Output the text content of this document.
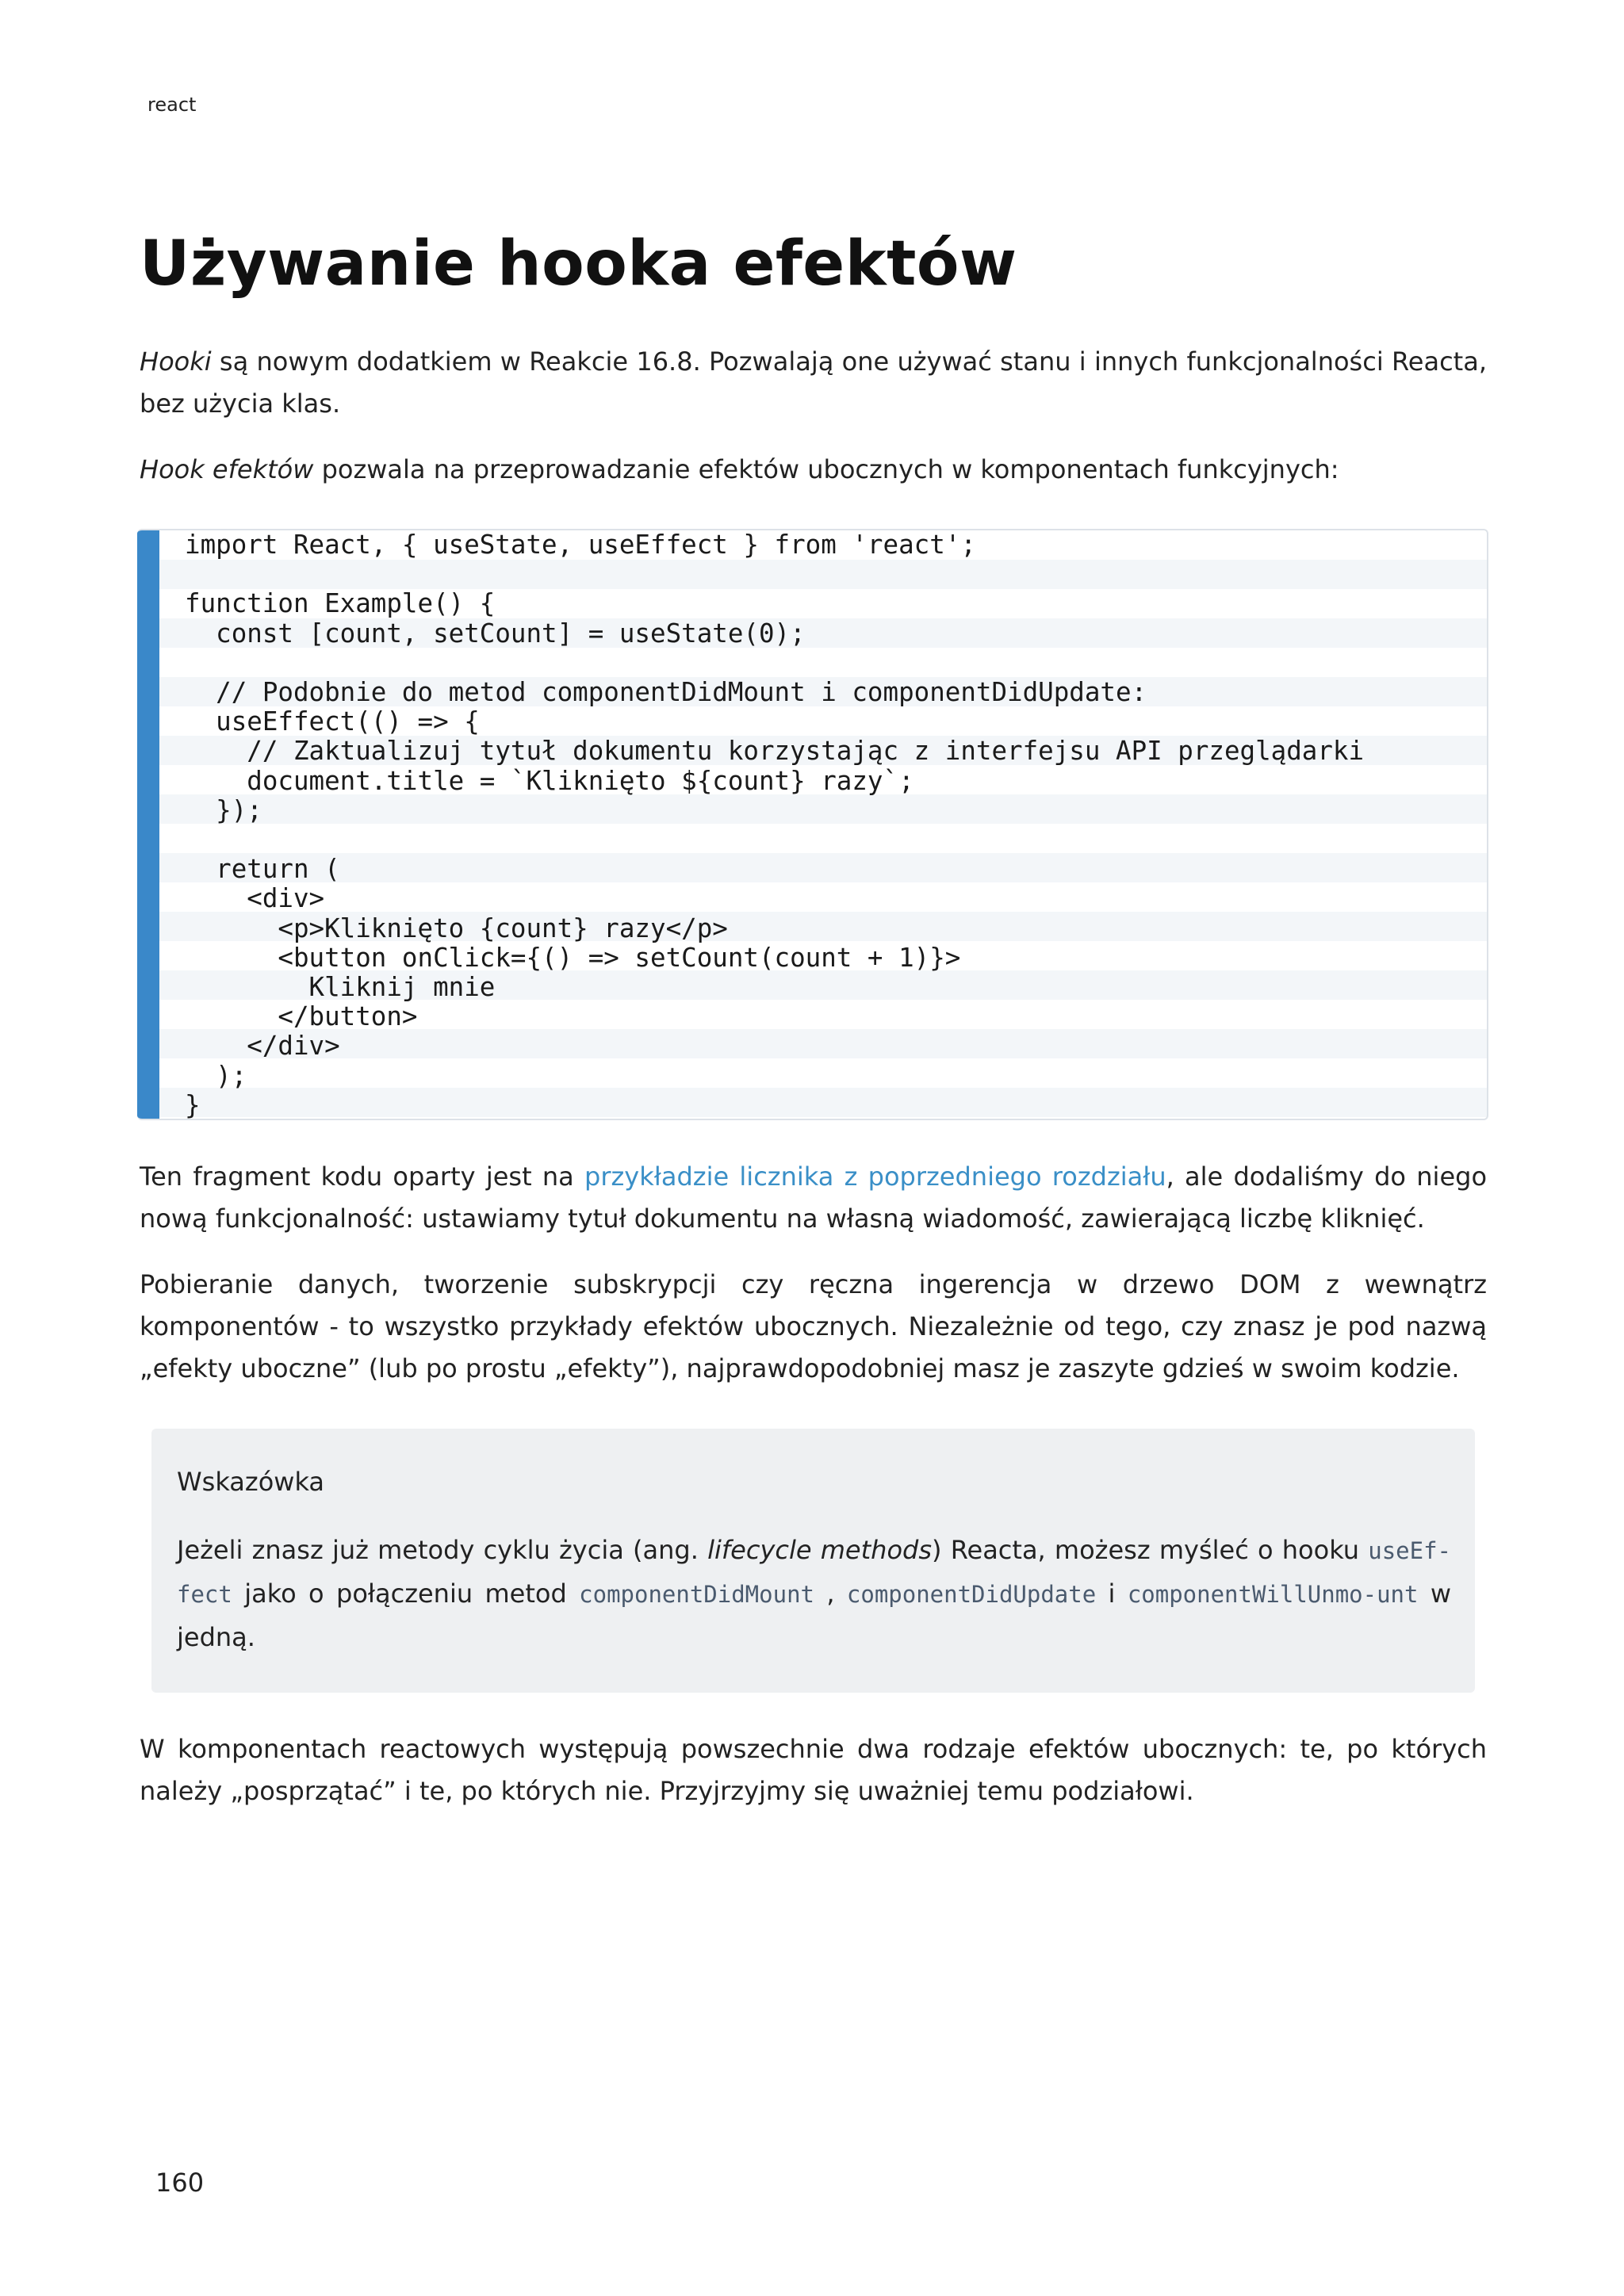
react
Używanie hooka efektów

Hooki są nowym dodatkiem w Reakcie 16.8. Pozwalają one używać stanu i innych funkcjonalności Reacta, bez użycia klas.

Hook efektów pozwala na przeprowadzanie efektów ubocznych w komponentach funkcyjnych:

import React, { useState, useEffect } from 'react';

function Example() {
const [count, setCount] = useState(0);

// Podobnie do metod componentDidMount i componentDidUpdate:
useEffect(() => {
// Zaktualizuj tytuł dokumentu korzystając z interfejsu API przeglądarki
document.title = `Kliknięto ${count} razy`;
});

return (
<div>
<p>Kliknięto {count} razy</p>
<button onClick={() => setCount(count + 1)}>
Kliknij mnie
</button>
</div>
);
}

Ten fragment kodu oparty jest na przykładzie licznika z poprzedniego rozdziału, ale dodaliśmy do niego nową funkcjonalność: ustawiamy tytuł dokumentu na własną wiadomość, zawierającą liczbę kliknięć.

Pobieranie danych, tworzenie subskrypcji czy ręczna ingerencja w drzewo DOM z wewnątrz komponentów - to wszystko przykłady efektów ubocznych. Niezależnie od tego, czy znasz je pod nazwą „efekty uboczne” (lub po prostu „efekty”), najprawdopodobniej masz je zaszyte gdzieś w swoim kodzie.

Wskazówka

Jeżeli znasz już metody cyklu życia (ang. lifecycle methods) Reacta, możesz myśleć o hooku useEf-fect jako o połączeniu metod componentDidMount , componentDidUpdate i componentWillUnmo-unt w jedną.

W komponentach reactowych występują powszechnie dwa rodzaje efektów ubocznych: te, po których należy „posprzątać” i te, po których nie. Przyjrzyjmy się uważniej temu podziałowi.

160
